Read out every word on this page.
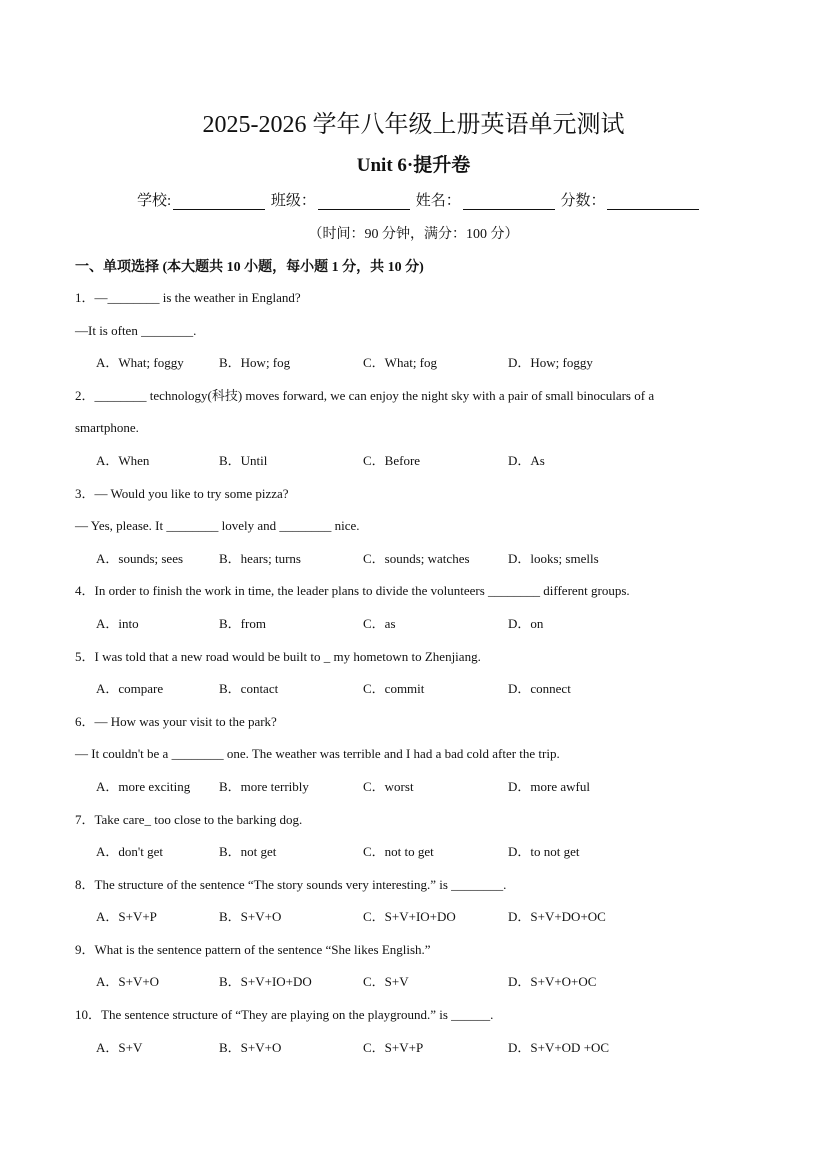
2025-2026 学年八年级上册英语单元测试
Unit 6·提升卷
学校:	班级：	姓名：	分数：
（时间：90 分钟，满分：100 分）
一、单项选择 (本大题共 10 小题，每小题 1 分，共 10 分)
1．—________ is the weather in England?
—It is often ________.
A．What; foggy	B．How; fog	C．What; fog	D．How; foggy
2．________ technology(科技) moves forward, we can enjoy the night sky with a pair of small binoculars of a
smartphone.
A．When	B．Until	C．Before	D．As
3．— Would you like to try some pizza?
— Yes, please. It ________ lovely and ________ nice.
A．sounds; sees	B．hears; turns	C．sounds; watches	D．looks; smells
4．In order to finish the work in time, the leader plans to divide the volunteers ________ different groups.
A．into	B．from	C．as	D．on
5．I was told that a new road would be built to _ my hometown to Zhenjiang.
A．compare	B．contact	C．commit	D．connect
6．— How was your visit to the park?
— It couldn't be a ________ one. The weather was terrible and I had a bad cold after the trip.
A．more exciting B．more terribly	C．worst	D．more awful
7．Take care_ too close to the barking dog.
A．don't get	B．not get	C．not to get	D．to not get
8．The structure of the sentence “The story sounds very interesting.” is ________.
A．S+V+P	B．S+V+O	C．S+V+IO+DO	D．S+V+DO+OC
9．What is the sentence pattern of the sentence “She likes English.”
A．S+V+O	B．S+V+IO+DO	C．S+V	D．S+V+O+OC
10．The sentence structure of “They are playing on the playground.” is ______.
A．S+V	B．S+V+O	C．S+V+P	D．S+V+OD +OC
